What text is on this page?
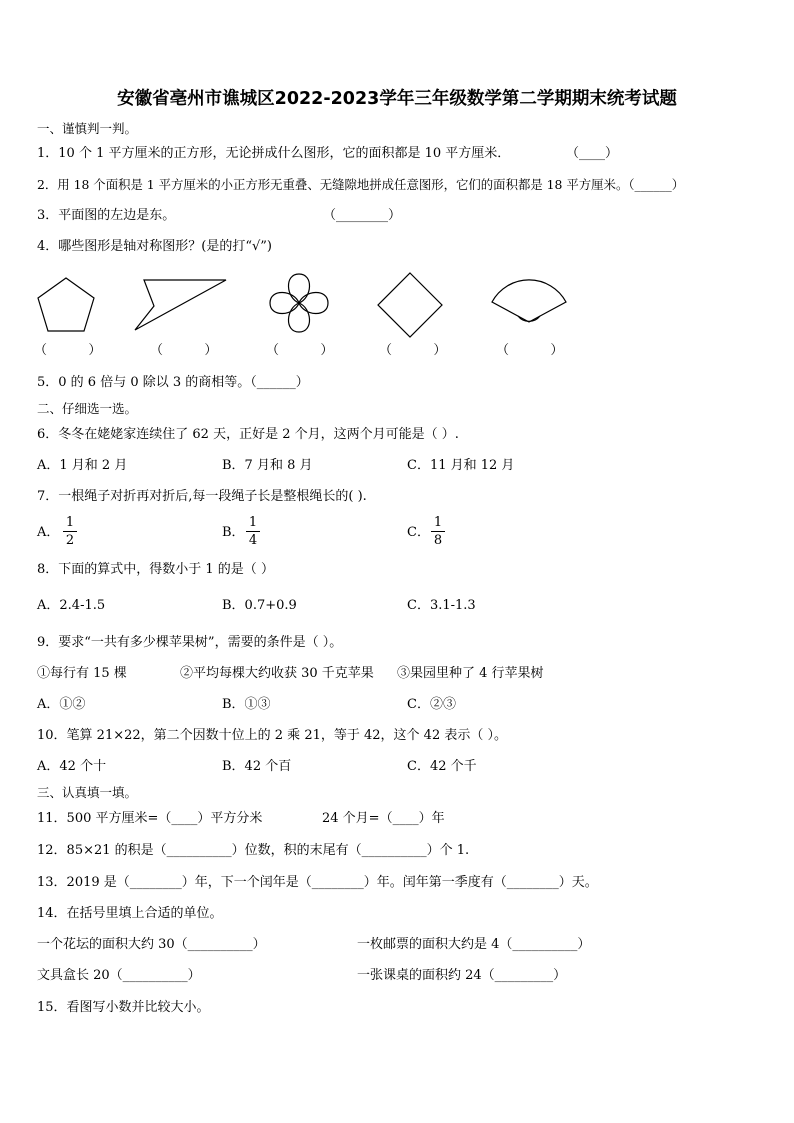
安徽省亳州市谯城区2022-2023学年三年级数学第二学期期末统考试题
一、谨慎判一判。
1．10 个 1 平方厘米的正方形，无论拼成什么图形，它的面积都是 10 平方厘米．	（____）
2．用 18 个面积是 1 平方厘米的小正方形无重叠、无缝隙地拼成任意图形，它们的面积都是 18 平方厘米。（______）
3．平面图的左边是东。	（________）
4．哪些图形是轴对称图形？(是的打“√”)
（          ）	（          ）	（          ）	（          ）	（          ）
5．0 的 6 倍与 0 除以 3 的商相等。（______）
二、仔细选一选。
6．冬冬在姥姥家连续住了 62 天，正好是 2 个月，这两个月可能是（ ）.
A．1 月和 2 月	B．7 月和 8 月	C．11 月和 12 月
7．一根绳子对折再对折后,每一段绳子长是整根绳长的( ).
A．
1
2
B．
1
4
C．
1
8
8．下面的算式中，得数小于 1 的是（ ）
A．2.4-1.5	B．0.7+0.9	C．3.1-1.3
9．要求“一共有多少棵苹果树”，需要的条件是（ ）。
①每行有 15 棵	②平均每棵大约收获 30 千克苹果 ③果园里种了 4 行苹果树
A．①②	B．①③	C．②③
10．笔算 21×22，第二个因数十位上的 2 乘 21，等于 42，这个 42 表示（ ）。
A．42 个十	B．42 个百	C．42 个千
三、认真填一填。
11．500 平方厘米=（____）平方分米	24 个月=（____）年
12．85×21 的积是（__________）位数，积的末尾有（__________）个 1.
13．2019 是（________）年，下一个闰年是（________）年。闰年第一季度有（________）天。
14．在括号里填上合适的单位。
一个花坛的面积大约 30（__________）	一枚邮票的面积大约是 4（__________）
文具盒长 20（__________）	一张课桌的面积约 24（_________）
15．看图写小数并比较大小。
